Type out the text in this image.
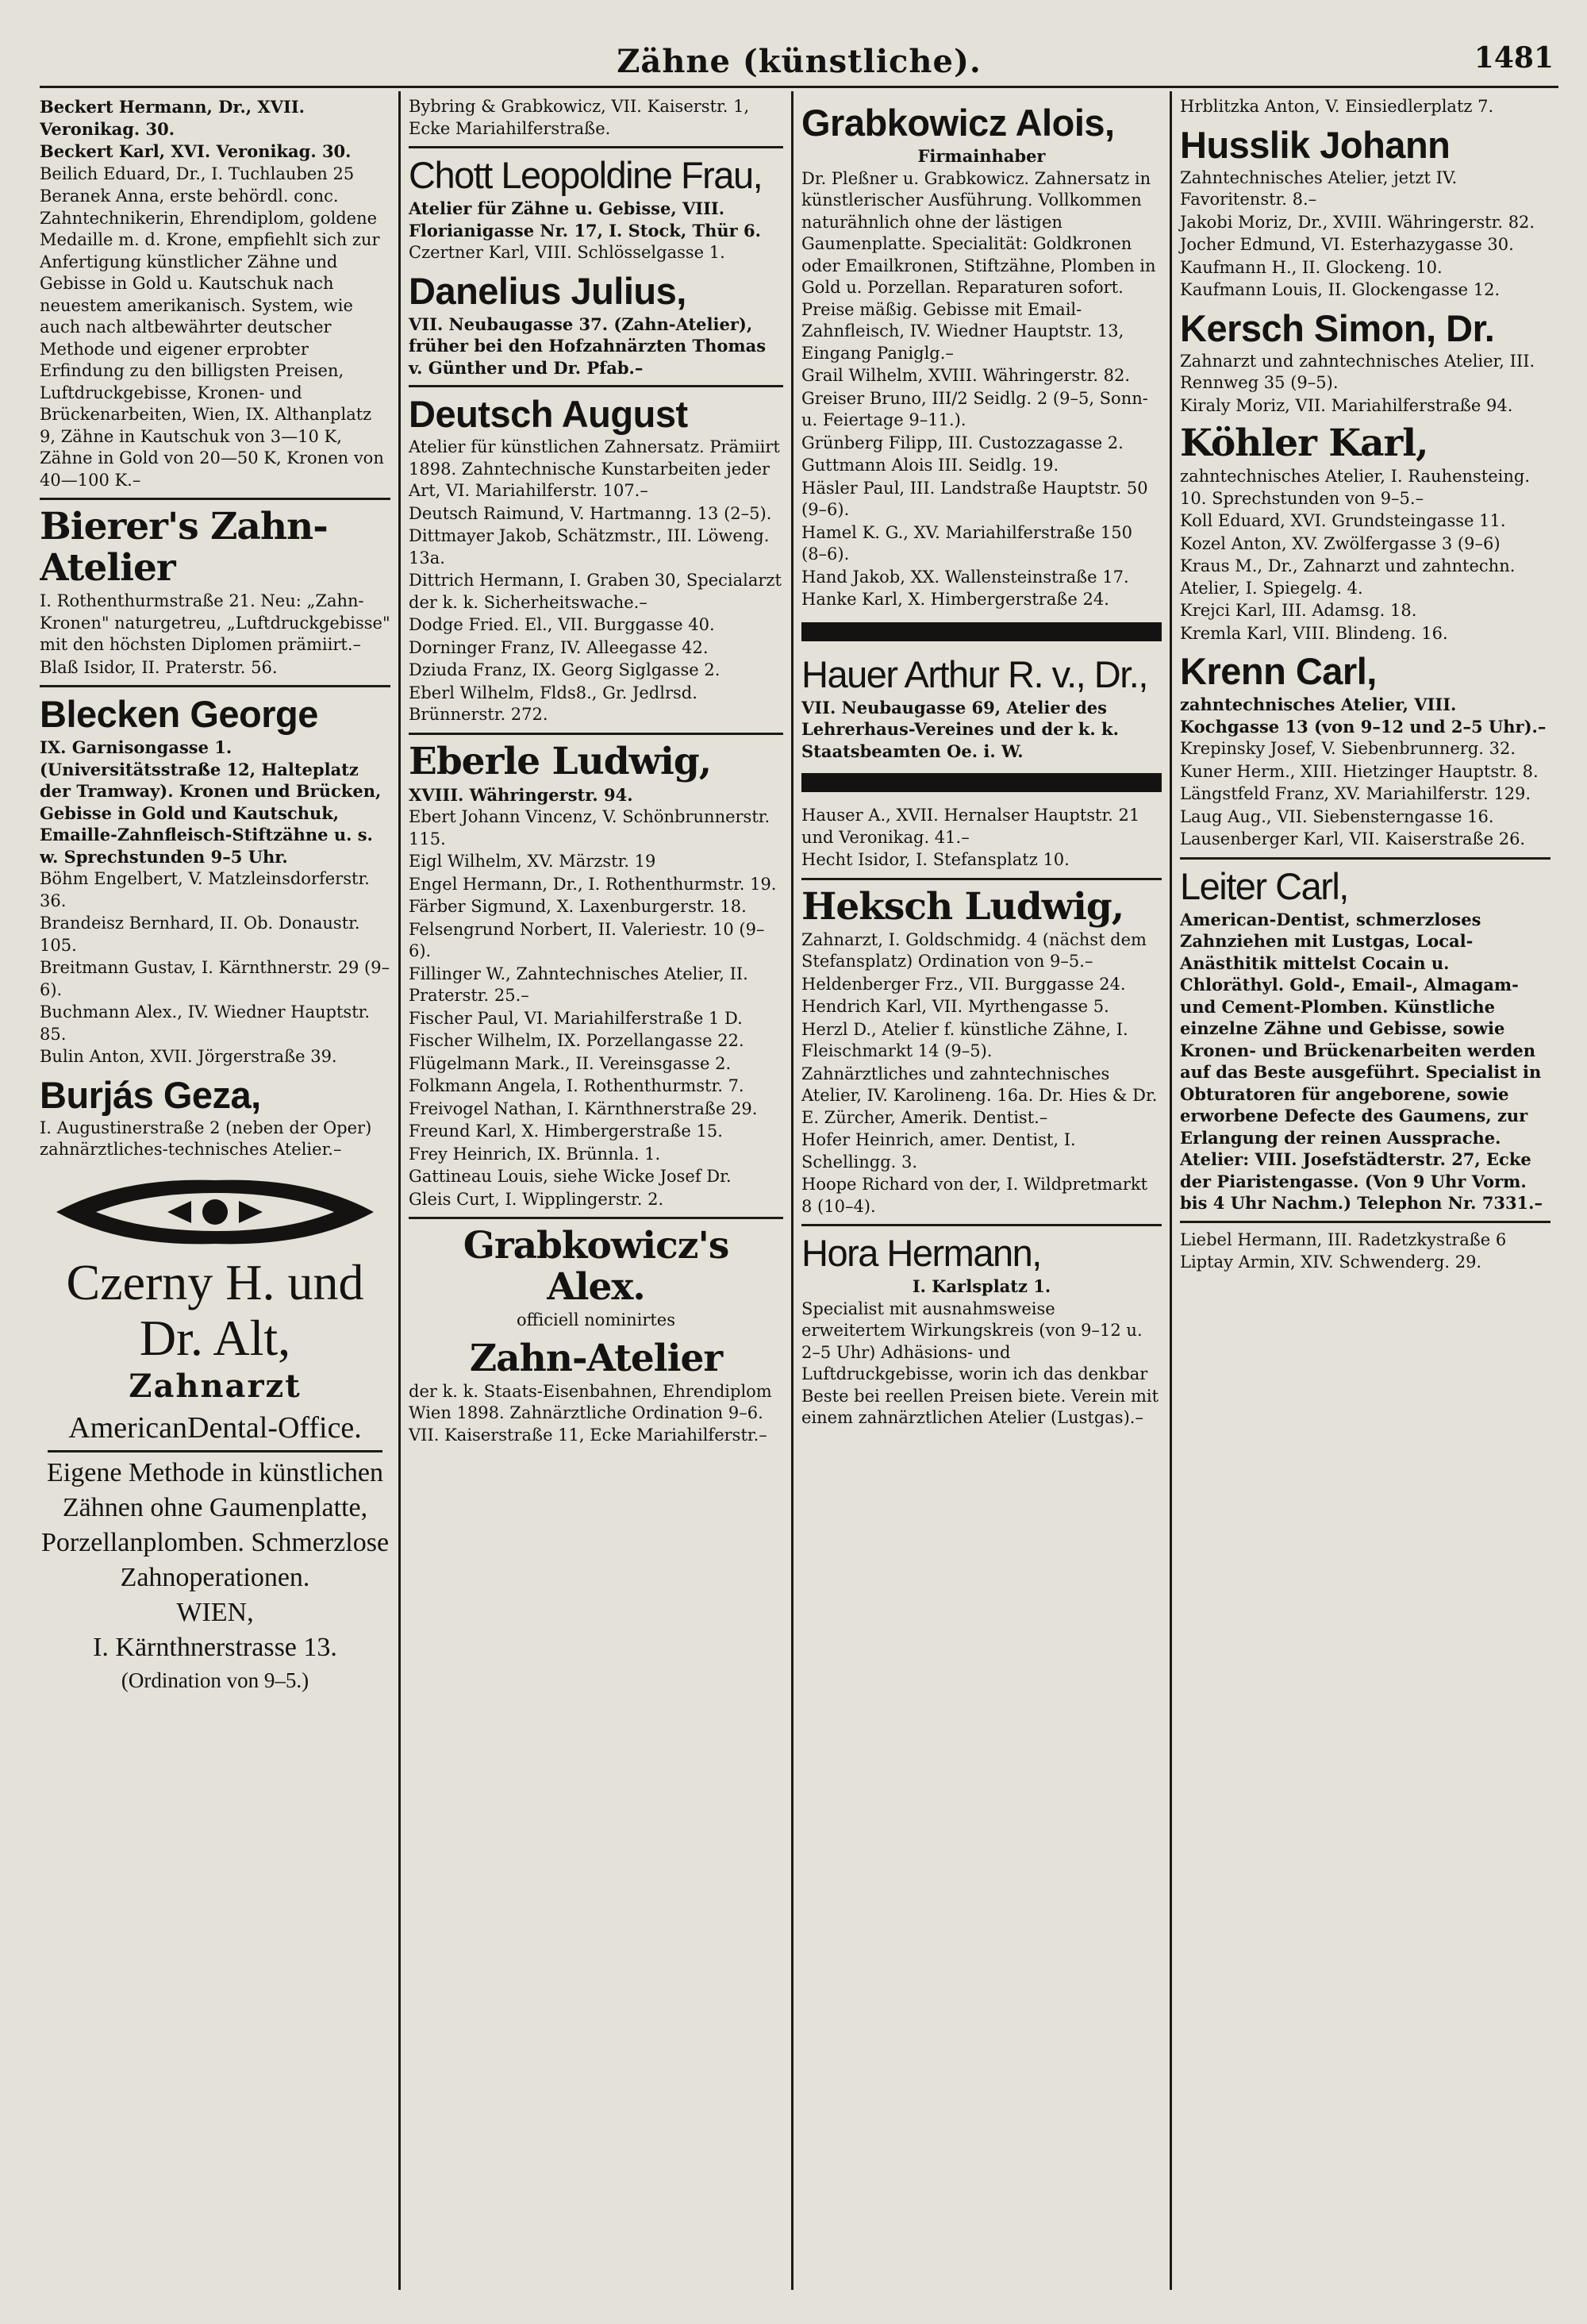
Zähne (künstliche).	1481
Beckert Hermann, Dr., XVII. Veronikag. 30.
Beckert Karl, XVI. Veronikag. 30.
Beilich Eduard, Dr., I. Tuchlauben 25
Beranek Anna, erste behördl. conc. Zahntechnikerin, Ehrendiplom, goldene Medaille m. d. Krone, empfiehlt sich zur Anfertigung künstlicher Zähne und Gebisse in Gold u. Kautschuk nach neuestem amerikanisch. System, wie auch nach altbewährter deutscher Methode und eigener erprobter Erfindung zu den billigsten Preisen, Luftdruckgebisse, Kronen- und Brückenarbeiten, Wien, IX. Althanplatz 9, Zähne in Kautschuk von 3—10 K, Zähne in Gold von 20—50 K, Kronen von 40—100 K.–
Bierer's Zahn-Atelier
I. Rothenthurmstraße 21. Neu: „Zahn-Kronen" naturgetreu, „Luftdruckgebisse" mit den höchsten Diplomen prämiirt.–
Blaß Isidor, II. Praterstr. 56.
Blecken George
IX. Garnisongasse 1. (Universitätsstraße 12, Halteplatz der Tramway). Kronen und Brücken, Gebisse in Gold und Kautschuk, Emaille-Zahnfleisch-Stiftzähne u. s. w. Sprechstunden 9–5 Uhr.
Böhm Engelbert, V. Matzleinsdorferstr. 36.
Brandeisz Bernhard, II. Ob. Donaustr. 105.
Breitmann Gustav, I. Kärnthnerstr. 29 (9–6).
Buchmann Alex., IV. Wiedner Hauptstr. 85.
Bulin Anton, XVII. Jörgerstraße 39.
Burjás Geza,
I. Augustinerstraße 2 (neben der Oper) zahnärztliches-technisches Atelier.–
Czerny H. und
Dr. Alt,
Zahnarzt
AmericanDental-Office.
Eigene Methode in künstlichen Zähnen ohne Gaumenplatte, Porzellanplomben. Schmerzlose Zahnoperationen.
WIEN,
I. Kärnthnerstrasse 13.
(Ordination von 9–5.)
Bybring & Grabkowicz, VII. Kaiserstr. 1, Ecke Mariahilferstraße.
Chott Leopoldine Frau,
Atelier für Zähne u. Gebisse, VIII. Florianigasse Nr. 17, I. Stock, Thür 6.
Czertner Karl, VIII. Schlösselgasse 1.
Danelius Julius,
VII. Neubaugasse 37. (Zahn-Atelier), früher bei den Hofzahnärzten Thomas v. Günther und Dr. Pfab.–
Deutsch August
Atelier für künstlichen Zahnersatz. Prämiirt 1898. Zahntechnische Kunstarbeiten jeder Art, VI. Mariahilferstr. 107.–
Deutsch Raimund, V. Hartmanng. 13 (2–5).
Dittmayer Jakob, Schätzmstr., III. Löweng. 13a.
Dittrich Hermann, I. Graben 30, Specialarzt der k. k. Sicherheitswache.–
Dodge Fried. El., VII. Burggasse 40.
Dorninger Franz, IV. Alleegasse 42.
Dziuda Franz, IX. Georg Siglgasse 2.
Eberl Wilhelm, Flds8., Gr. Jedlrsd. Brünnerstr. 272.
Eberle Ludwig,
XVIII. Währingerstr. 94.
Ebert Johann Vincenz, V. Schönbrunnerstr. 115.
Eigl Wilhelm, XV. Märzstr. 19
Engel Hermann, Dr., I. Rothenthurmstr. 19.
Färber Sigmund, X. Laxenburgerstr. 18.
Felsengrund Norbert, II. Valeriestr. 10 (9–6).
Fillinger W., Zahntechnisches Atelier, II. Praterstr. 25.–
Fischer Paul, VI. Mariahilferstraße 1 D.
Fischer Wilhelm, IX. Porzellangasse 22.
Flügelmann Mark., II. Vereinsgasse 2.
Folkmann Angela, I. Rothenthurmstr. 7.
Freivogel Nathan, I. Kärnthnerstraße 29.
Freund Karl, X. Himbergerstraße 15.
Frey Heinrich, IX. Brünnla. 1.
Gattineau Louis, siehe Wicke Josef Dr.
Gleis Curt, I. Wipplingerstr. 2.
Grabkowicz's Alex.
officiell nominirtes
Zahn-Atelier
der k. k. Staats-Eisenbahnen, Ehrendiplom Wien 1898. Zahnärztliche Ordination 9–6. VII. Kaiserstraße 11, Ecke Mariahilferstr.–
Grabkowicz Alois,
Firmainhaber
Dr. Pleßner u. Grabkowicz. Zahnersatz in künstlerischer Ausführung. Vollkommen naturähnlich ohne der lästigen Gaumenplatte. Specialität: Goldkronen oder Emailkronen, Stiftzähne, Plomben in Gold u. Porzellan. Reparaturen sofort. Preise mäßig. Gebisse mit Email-Zahnfleisch, IV. Wiedner Hauptstr. 13, Eingang Paniglg.–
Grail Wilhelm, XVIII. Währingerstr. 82.
Greiser Bruno, III/2 Seidlg. 2 (9–5, Sonn- u. Feiertage 9–11.).
Grünberg Filipp, III. Custozzagasse 2.
Guttmann Alois III. Seidlg. 19.
Häsler Paul, III. Landstraße Hauptstr. 50 (9–6).
Hamel K. G., XV. Mariahilferstraße 150 (8–6).
Hand Jakob, XX. Wallensteinstraße 17.
Hanke Karl, X. Himbergerstraße 24.
Hauer Arthur R. v., Dr.,
VII. Neubaugasse 69, Atelier des Lehrerhaus-Vereines und der k. k. Staatsbeamten Oe. i. W.
Hauser A., XVII. Hernalser Hauptstr. 21 und Veronikag. 41.–
Hecht Isidor, I. Stefansplatz 10.
Heksch Ludwig,
Zahnarzt, I. Goldschmidg. 4 (nächst dem Stefansplatz) Ordination von 9–5.–
Heldenberger Frz., VII. Burggasse 24.
Hendrich Karl, VII. Myrthengasse 5.
Herzl D., Atelier f. künstliche Zähne, I. Fleischmarkt 14 (9–5).
Zahnärztliches und zahntechnisches Atelier, IV. Karolineng. 16a. Dr. Hies & Dr. E. Zürcher, Amerik. Dentist.–
Hofer Heinrich, amer. Dentist, I. Schellingg. 3.
Hoope Richard von der, I. Wildpretmarkt 8 (10–4).
Hora Hermann,
I. Karlsplatz 1.
Specialist mit ausnahmsweise erweitertem Wirkungskreis (von 9–12 u. 2–5 Uhr) Adhäsions- und Luftdruckgebisse, worin ich das denkbar Beste bei reellen Preisen biete. Verein mit einem zahnärztlichen Atelier (Lustgas).–
Hrblitzka Anton, V. Einsiedlerplatz 7.
Husslik Johann
Zahntechnisches Atelier, jetzt IV. Favoritenstr. 8.–
Jakobi Moriz, Dr., XVIII. Währingerstr. 82.
Jocher Edmund, VI. Esterhazygasse 30.
Kaufmann H., II. Glockeng. 10.
Kaufmann Louis, II. Glockengasse 12.
Kersch Simon, Dr.
Zahnarzt und zahntechnisches Atelier, III. Rennweg 35 (9–5).
Kiraly Moriz, VII. Mariahilferstraße 94.
Köhler Karl,
zahntechnisches Atelier, I. Rauhensteing. 10. Sprechstunden von 9–5.–
Koll Eduard, XVI. Grundsteingasse 11.
Kozel Anton, XV. Zwölfergasse 3 (9–6)
Kraus M., Dr., Zahnarzt und zahntechn. Atelier, I. Spiegelg. 4.
Krejci Karl, III. Adamsg. 18.
Kremla Karl, VIII. Blindeng. 16.
Krenn Carl,
zahntechnisches Atelier, VIII. Kochgasse 13 (von 9–12 und 2–5 Uhr).–
Krepinsky Josef, V. Siebenbrunnerg. 32.
Kuner Herm., XIII. Hietzinger Hauptstr. 8.
Längstfeld Franz, XV. Mariahilferstr. 129.
Laug Aug., VII. Siebensterngasse 16.
Lausenberger Karl, VII. Kaiserstraße 26.
Leiter Carl,
American-Dentist, schmerzloses Zahnziehen mit Lustgas, Local-Anästhitik mittelst Cocain u. Chloräthyl. Gold-, Email-, Almagam- und Cement-Plomben. Künstliche einzelne Zähne und Gebisse, sowie Kronen- und Brückenarbeiten werden auf das Beste ausgeführt. Specialist in Obturatoren für angeborene, sowie erworbene Defecte des Gaumens, zur Erlangung der reinen Aussprache. Atelier: VIII. Josefstädterstr. 27, Ecke der Piaristengasse. (Von 9 Uhr Vorm. bis 4 Uhr Nachm.) Telephon Nr. 7331.–
Liebel Hermann, III. Radetzkystraße 6
Liptay Armin, XIV. Schwenderg. 29.
